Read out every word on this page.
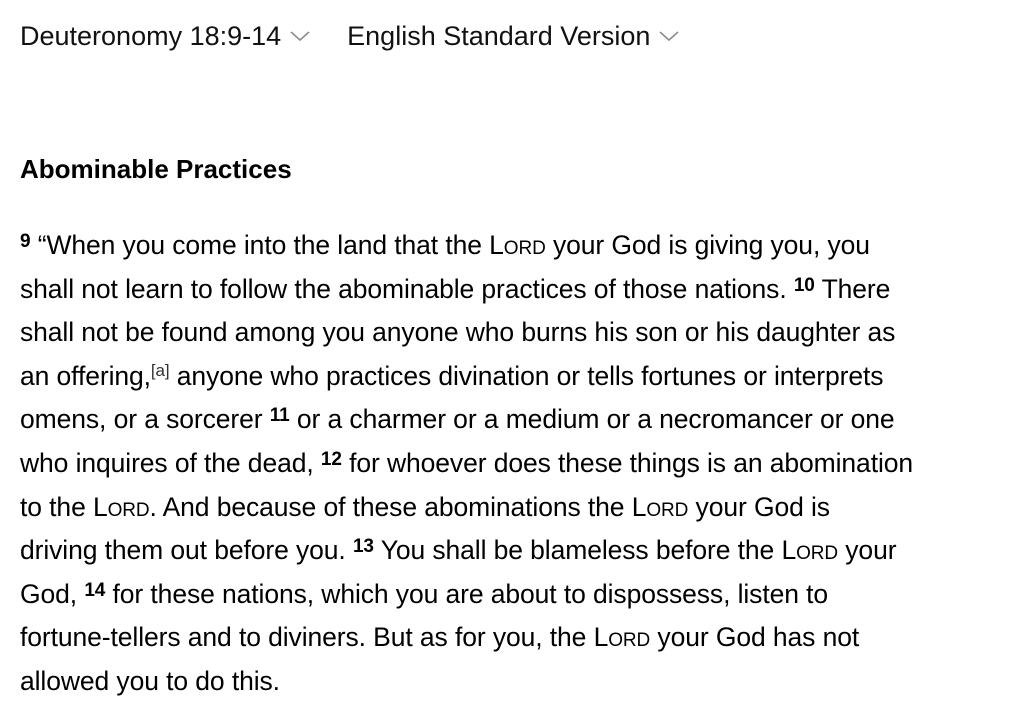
Deuteronomy 18:9-14 English Standard Version
Abominable Practices

$^9$ “When you come into the land that the Lord your God is giving you, you
shall not learn to follow the abominable practices of those nations. $^{10}$ There
shall not be found among you anyone who burns his son or his daughter as
an offering,[a] anyone who practices divination or tells fortunes or interprets
omens, or a sorcerer $^{11}$ or a charmer or a medium or a necromancer or one
who inquires of the dead, $^{12}$ for whoever does these things is an abomination
to the Lord. And because of these abominations the Lord your God is
driving them out before you. $^{13}$ You shall be blameless before the Lord your
God, $^{14}$ for these nations, which you are about to dispossess, listen to
fortune-tellers and to diviners. But as for you, the Lord your God has not
allowed you to do this.
